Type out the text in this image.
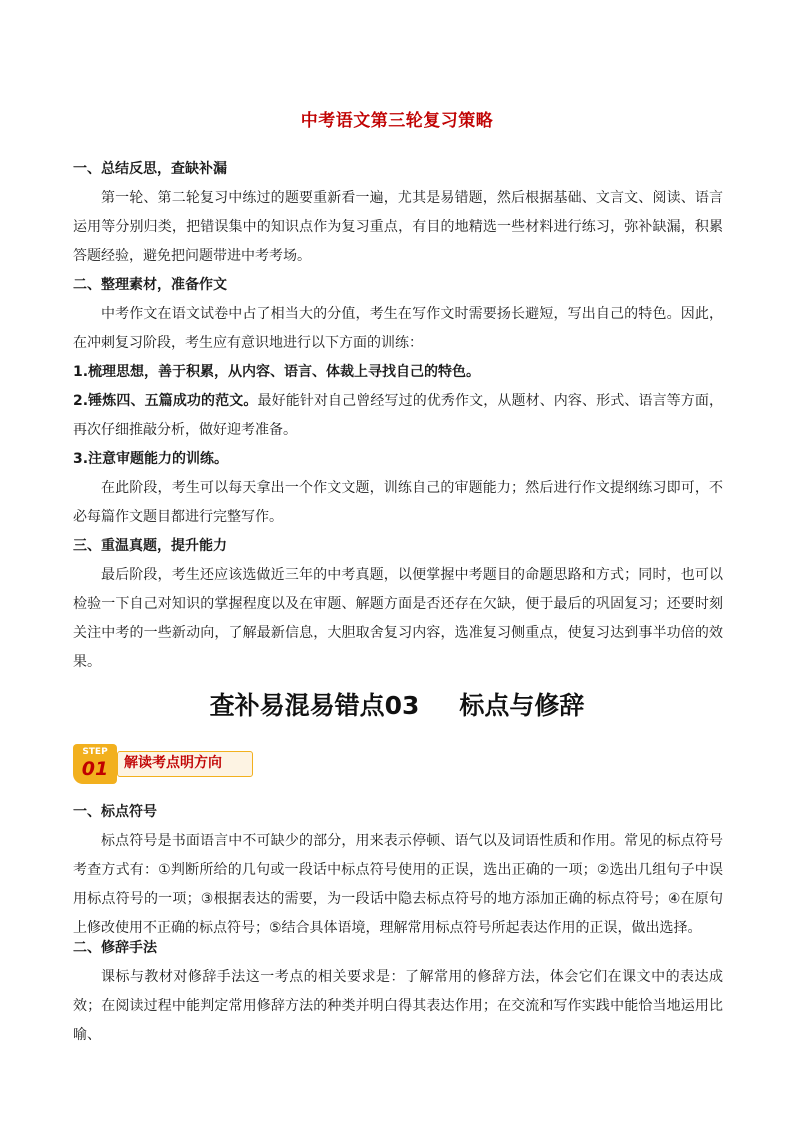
中考语文第三轮复习策略
一、总结反思，查缺补漏
第一轮、第二轮复习中练过的题要重新看一遍，尤其是易错题，然后根据基础、文言文、阅读、语言运用等分别归类，把错误集中的知识点作为复习重点，有目的地精选一些材料进行练习，弥补缺漏，积累答题经验，避免把问题带进中考考场。
二、整理素材，准备作文
中考作文在语文试卷中占了相当大的分值，考生在写作文时需要扬长避短，写出自己的特色。因此，在冲刺复习阶段，考生应有意识地进行以下方面的训练：
1.梳理思想，善于积累，从内容、语言、体裁上寻找自己的特色。
2.锤炼四、五篇成功的范文。最好能针对自己曾经写过的优秀作文，从题材、内容、形式、语言等方面，再次仔细推敲分析，做好迎考准备。
3.注意审题能力的训练。
在此阶段，考生可以每天拿出一个作文文题，训练自己的审题能力；然后进行作文提纲练习即可，不必每篇作文题目都进行完整写作。
三、重温真题，提升能力
最后阶段，考生还应该选做近三年的中考真题，以便掌握中考题目的命题思路和方式；同时，也可以检验一下自己对知识的掌握程度以及在审题、解题方面是否还存在欠缺，便于最后的巩固复习；还要时刻关注中考的一些新动向，了解最新信息，大胆取舍复习内容，选准复习侧重点，使复习达到事半功倍的效果。
查补易混易错点03 标点与修辞
解读考点明方向
STEP
01
一、标点符号
标点符号是书面语言中不可缺少的部分，用来表示停顿、语气以及词语性质和作用。常见的标点符号考查方式有：①判断所给的几句或一段话中标点符号使用的正误，选出正确的一项；②选出几组句子中误用标点符号的一项；③根据表达的需要，为一段话中隐去标点符号的地方添加正确的标点符号；④在原句上修改使用不正确的标点符号；⑤结合具体语境，理解常用标点符号所起表达作用的正误，做出选择。
二、修辞手法
课标与教材对修辞手法这一考点的相关要求是：了解常用的修辞方法，体会它们在课文中的表达成效；在阅读过程中能判定常用修辞方法的种类并明白得其表达作用；在交流和写作实践中能恰当地运用比喻、
